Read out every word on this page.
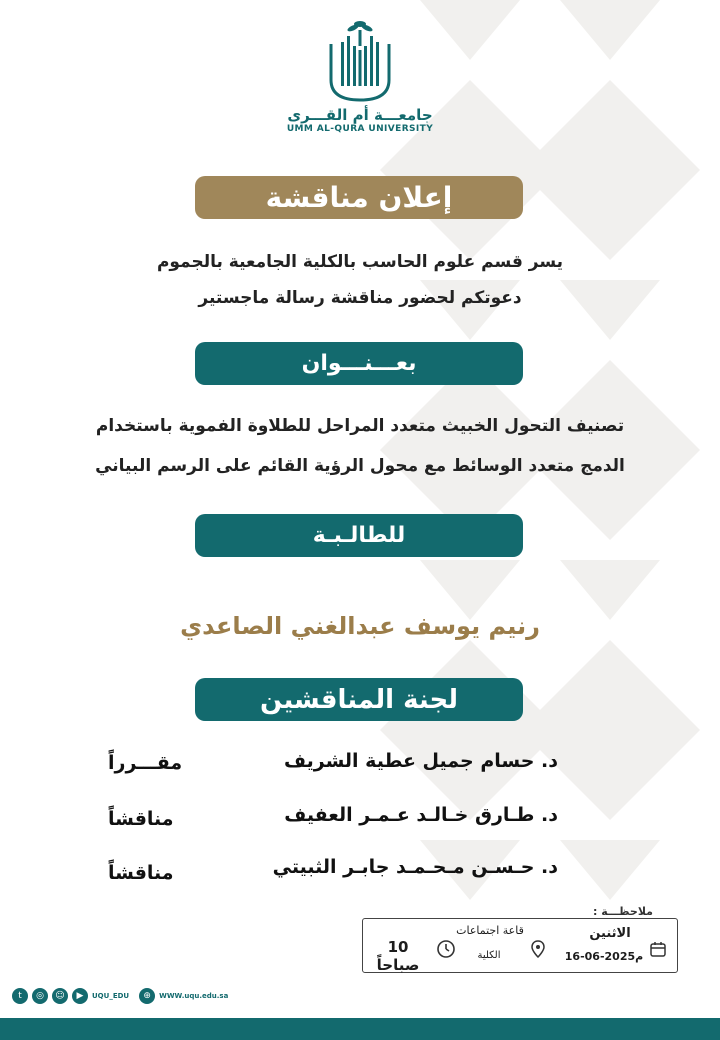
جامعـــة أم القـــرى
UMM AL-QURA UNIVERSITY
إعلان مناقشة
يسر قسم علوم الحاسب بالكلية الجامعية بالجموم
دعوتكم لحضور مناقشة رسالة ماجستير
بعـــنـــوان
تصنيف التحول الخبيث متعدد المراحل للطلاوة الفموية باستخدام
الدمج متعدد الوسائط مع محول الرؤية القائم على الرسم البياني
للطالـبـة
رنيم يوسف عبدالغني الصاعدي
لجنة المناقشين
د. حسام جميل عطية الشريف
مقـــرراً
د. طـارق خـالـد عـمـر العفيف
مناقشاً
د. حـسـن مـحـمـد جابـر الثبيتي
مناقشاً
ملاحظـــة :
الاثنين
16-06-2025م
قاعة اجتماعات
الكلية
10 صباحاً
t	◎	☺	▶	UQU_EDU	⊕	WWW.uqu.edu.sa
